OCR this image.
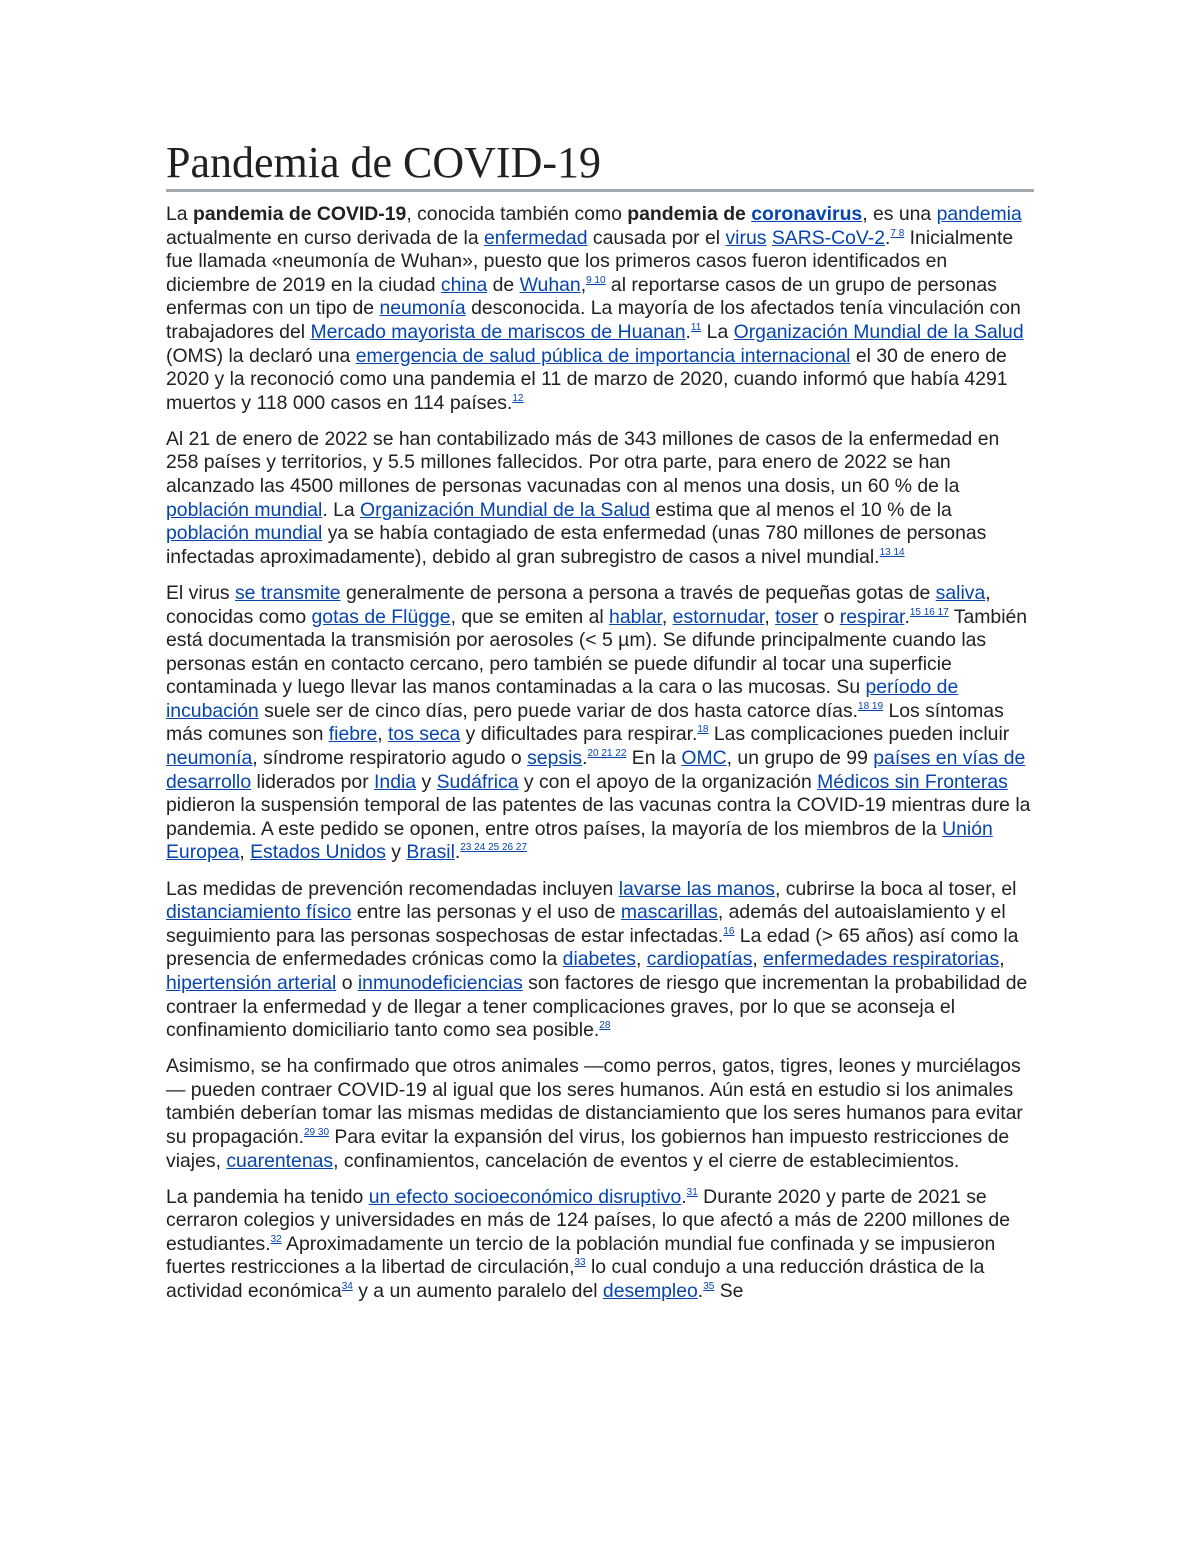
Pandemia de COVID-19

La pandemia de COVID-19, conocida también como pandemia de coronavirus, es una pandemia actualmente en curso derivada de la enfermedad causada por el virus SARS-CoV-2.$^{7 8}$ Inicialmente fue llamada «neumonía de Wuhan», puesto que los primeros casos fueron identificados en diciembre de 2019 en la ciudad china de Wuhan,$^{9 10}$ al reportarse casos de un grupo de personas enfermas con un tipo de neumonía desconocida. La mayoría de los afectados tenía vinculación con trabajadores del Mercado mayorista de mariscos de Huanan.$^{11}$ La Organización Mundial de la Salud (OMS) la declaró una emergencia de salud pública de importancia internacional el 30 de enero de 2020 y la reconoció como una pandemia el 11 de marzo de 2020, cuando informó que había 4291 muertos y 118 000 casos en 114 países.$^{12}$

Al 21 de enero de 2022 se han contabilizado más de 343 millones de casos de la enfermedad en 258 países y territorios, y 5.5 millones fallecidos. Por otra parte, para enero de 2022 se han alcanzado las 4500 millones de personas vacunadas con al menos una dosis, un 60 % de la población mundial. La Organización Mundial de la Salud estima que al menos el 10 % de la población mundial ya se había contagiado de esta enfermedad (unas 780 millones de personas infectadas aproximadamente), debido al gran subregistro de casos a nivel mundial.$^{13 14}$

El virus se transmite generalmente de persona a persona a través de pequeñas gotas de saliva, conocidas como gotas de Flügge, que se emiten al hablar, estornudar, toser o respirar.$^{15 16 17}$ También está documentada la transmisión por aerosoles (< 5 µm). Se difunde principalmente cuando las personas están en contacto cercano, pero también se puede difundir al tocar una superficie contaminada y luego llevar las manos contaminadas a la cara o las mucosas. Su período de incubación suele ser de cinco días, pero puede variar de dos hasta catorce días.$^{18 19}$ Los síntomas más comunes son fiebre, tos seca y dificultades para respirar.$^{18}$ Las complicaciones pueden incluir neumonía, síndrome respiratorio agudo o sepsis.$^{20 21 22}$ En la OMC, un grupo de 99 países en vías de desarrollo liderados por India y Sudáfrica y con el apoyo de la organización Médicos sin Fronteras pidieron la suspensión temporal de las patentes de las vacunas contra la COVID-19 mientras dure la pandemia. A este pedido se oponen, entre otros países, la mayoría de los miembros de la Unión Europea, Estados Unidos y Brasil.$^{23 24 25 26 27}$

Las medidas de prevención recomendadas incluyen lavarse las manos, cubrirse la boca al toser, el distanciamiento físico entre las personas y el uso de mascarillas, además del autoaislamiento y el seguimiento para las personas sospechosas de estar infectadas.$^{16}$ La edad (> 65 años) así como la presencia de enfermedades crónicas como la diabetes, cardiopatías, enfermedades respiratorias, hipertensión arterial o inmunodeficiencias son factores de riesgo que incrementan la probabilidad de contraer la enfermedad y de llegar a tener complicaciones graves, por lo que se aconseja el confinamiento domiciliario tanto como sea posible.$^{28}$

Asimismo, se ha confirmado que otros animales —como perros, gatos, tigres, leones y murciélagos— pueden contraer COVID-19 al igual que los seres humanos. Aún está en estudio si los animales también deberían tomar las mismas medidas de distanciamiento que los seres humanos para evitar su propagación.$^{29 30}$ Para evitar la expansión del virus, los gobiernos han impuesto restricciones de viajes, cuarentenas, confinamientos, cancelación de eventos y el cierre de establecimientos.

La pandemia ha tenido un efecto socioeconómico disruptivo.$^{31}$ Durante 2020 y parte de 2021 se cerraron colegios y universidades en más de 124 países, lo que afectó a más de 2200 millones de estudiantes.$^{32}$ Aproximadamente un tercio de la población mundial fue confinada y se impusieron fuertes restricciones a la libertad de circulación,$^{33}$ lo cual condujo a una reducción drástica de la actividad económica$^{34}$ y a un aumento paralelo del desempleo.$^{35}$ Se
